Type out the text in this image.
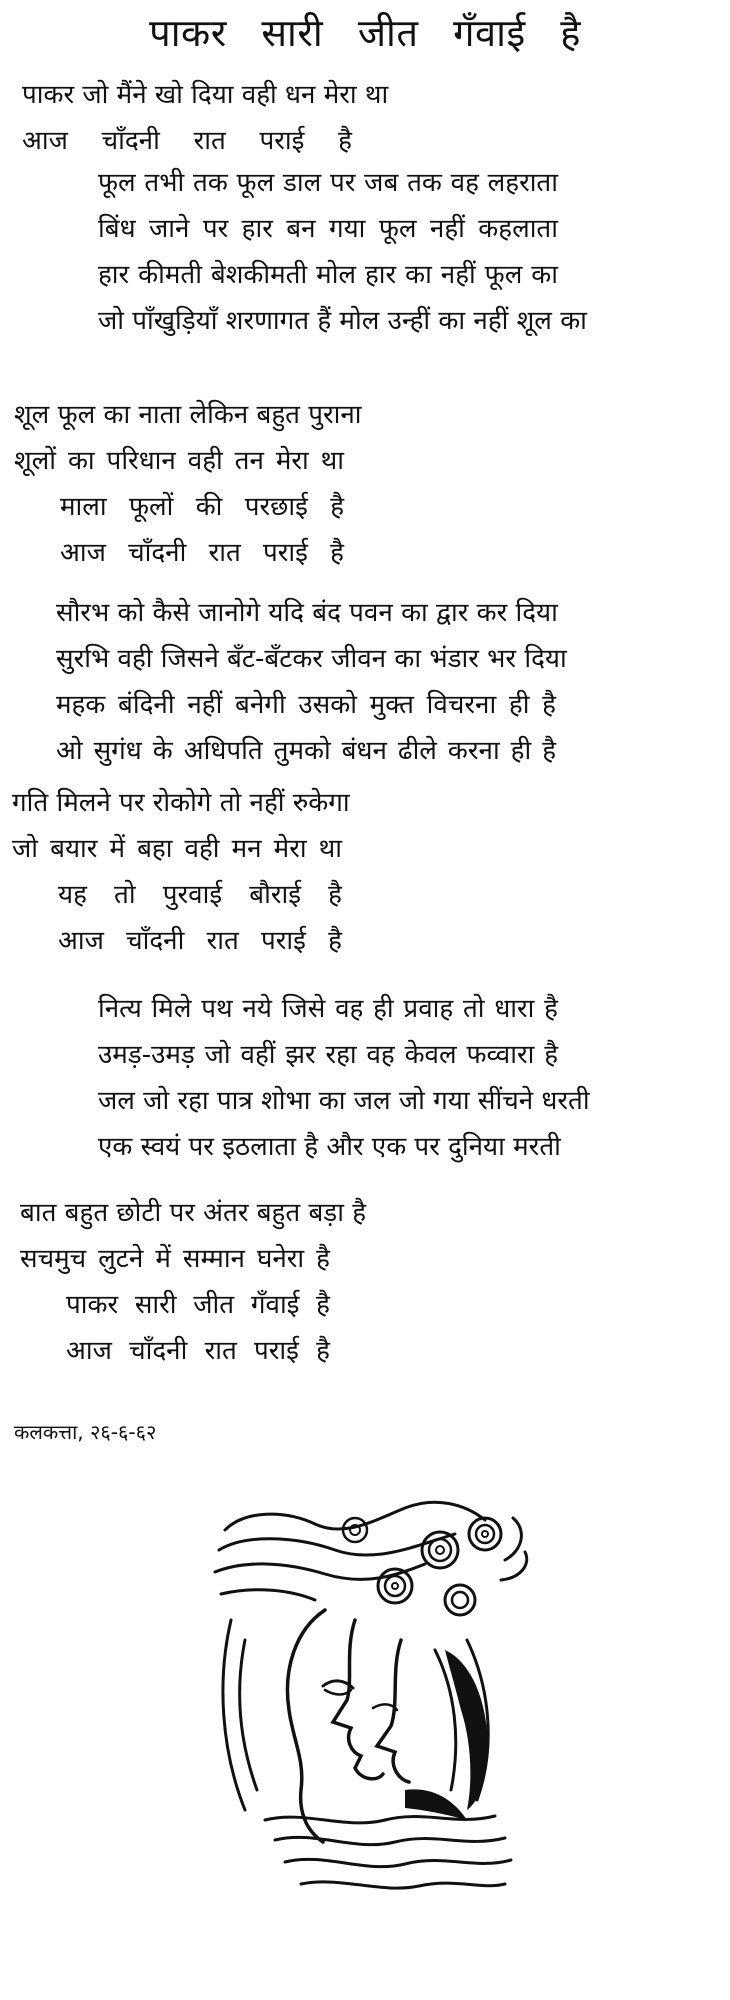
पाकर सारी जीत गँवाई है
पाकर जो मैंने खो दिया वही धन मेरा था
आज चाँदनी रात पराई है
फूल तभी तक फूल डाल पर जब तक वह लहराता
बिंध जाने पर हार बन गया फूल नहीं कहलाता
हार कीमती बेशकीमती मोल हार का नहीं फूल का
जो पाँखुड़ियाँ शरणागत हैं मोल उन्हीं का नहीं शूल का
शूल फूल का नाता लेकिन बहुत पुराना
शूलों का परिधान वही तन मेरा था
माला फूलों की परछाई है
आज चाँदनी रात पराई है
सौरभ को कैसे जानोगे यदि बंद पवन का द्वार कर दिया
सुरभि वही जिसने बँट-बँटकर जीवन का भंडार भर दिया
महक बंदिनी नहीं बनेगी उसको मुक्त विचरना ही है
ओ सुगंध के अधिपति तुमको बंधन ढीले करना ही है
गति मिलने पर रोकोगे तो नहीं रुकेगा
जो बयार में बहा वही मन मेरा था
यह तो पुरवाई बौराई है
आज चाँदनी रात पराई है
नित्य मिले पथ नये जिसे वह ही प्रवाह तो धारा है
उमड़-उमड़ जो वहीं झर रहा वह केवल फव्वारा है
जल जो रहा पात्र शोभा का जल जो गया सींचने धरती
एक स्वयं पर इठलाता है और एक पर दुनिया मरती
बात बहुत छोटी पर अंतर बहुत बड़ा है
सचमुच लुटने में सम्मान घनेरा है
पाकर सारी जीत गँवाई है
आज चाँदनी रात पराई है
कलकत्ता, २६-६-६२
